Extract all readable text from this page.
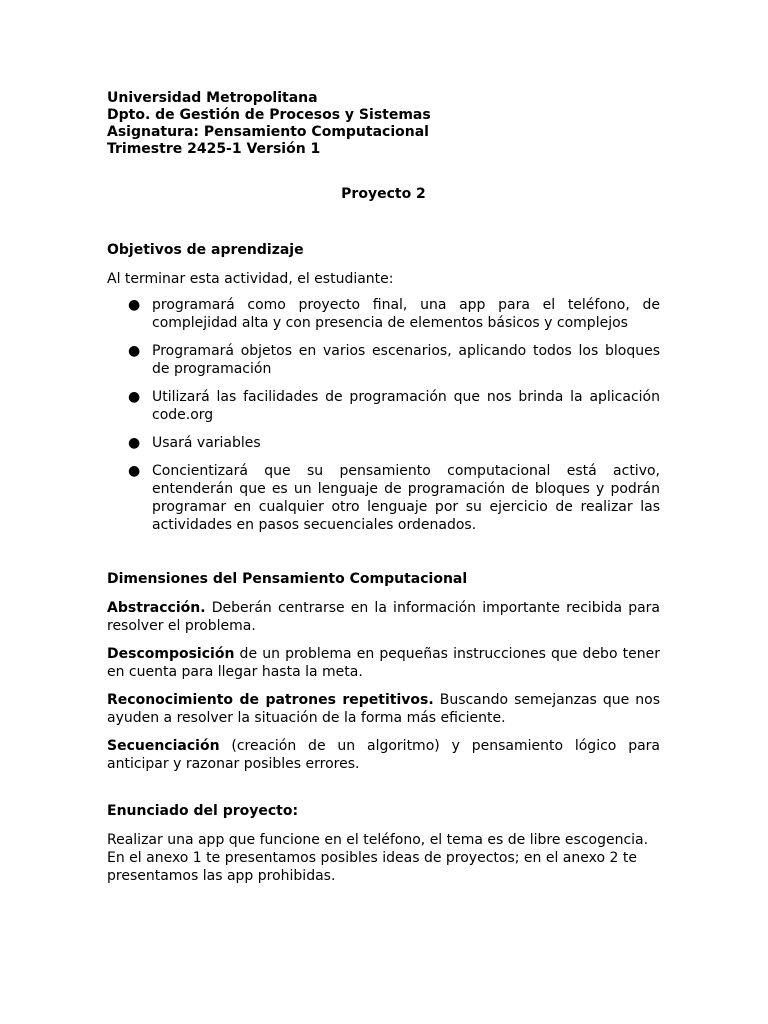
Universidad Metropolitana

Dpto. de Gestión de Procesos y Sistemas

Asignatura: Pensamiento Computacional

Trimestre 2425-1 Versión 1

Proyecto 2

Objetivos de aprendizaje

Al terminar esta actividad, el estudiante:

● programará como proyecto final, una app para el teléfono, de complejidad alta y con presencia de elementos básicos y complejos
● Programará objetos en varios escenarios, aplicando todos los bloques de programación
● Utilizará las facilidades de programación que nos brinda la aplicación code.org
● Usará variables
● Concientizará que su pensamiento computacional está activo, entenderán que es un lenguaje de programación de bloques y podrán programar en cualquier otro lenguaje por su ejercicio de realizar las actividades en pasos secuenciales ordenados.

Dimensiones del Pensamiento Computacional

Abstracción. Deberán centrarse en la información importante recibida para resolver el problema.

Descomposición de un problema en pequeñas instrucciones que debo tener en cuenta para llegar hasta la meta.

Reconocimiento de patrones repetitivos. Buscando semejanzas que nos ayuden a resolver la situación de la forma más eficiente.

Secuenciación (creación de un algoritmo) y pensamiento lógico para anticipar y razonar posibles errores.

Enunciado del proyecto:

Realizar una app que funcione en el teléfono, el tema es de libre escogencia.

En el anexo 1 te presentamos posibles ideas de proyectos; en el anexo 2 te presentamos las app prohibidas.
